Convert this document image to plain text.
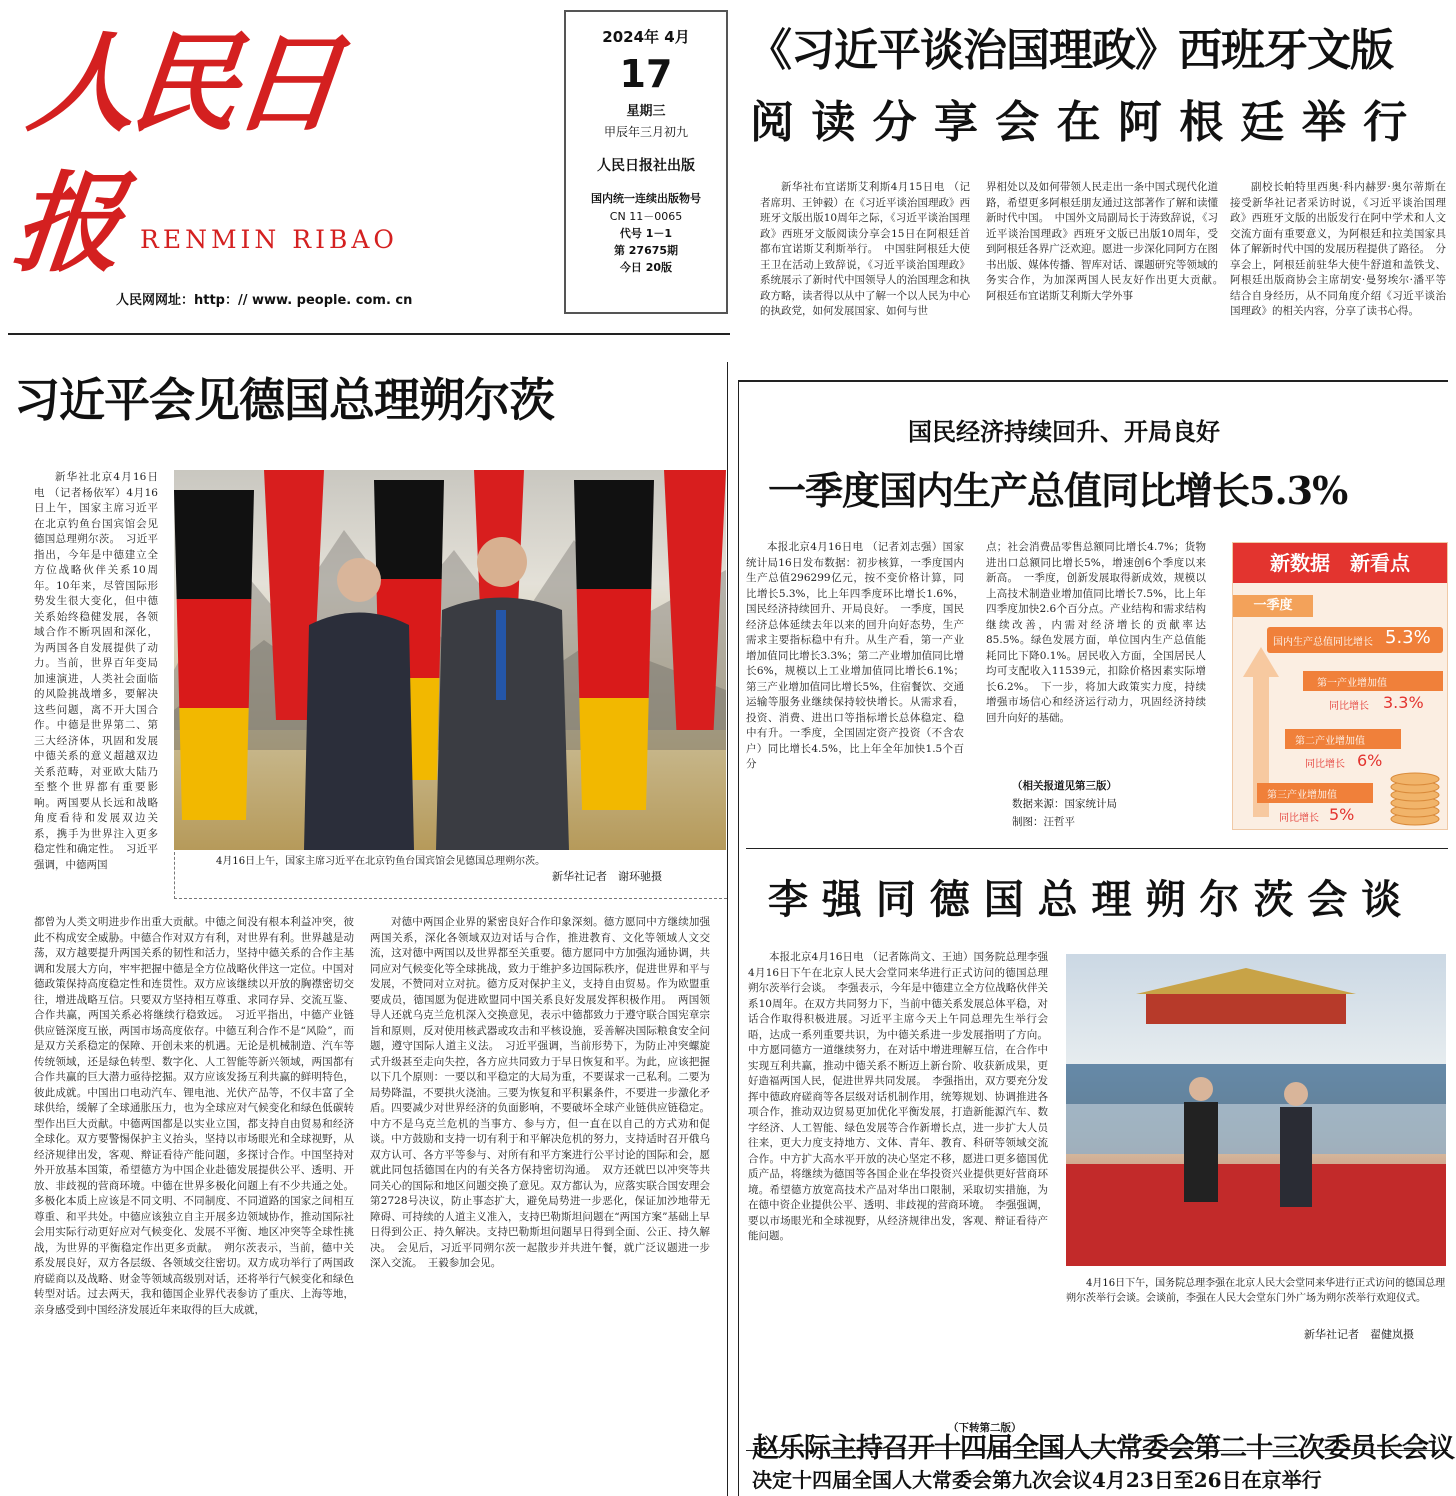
人民日报 RENMIN RIBAO
人民网网址：http：// www. people. com. cn
2024年 4月
17
星期三
甲辰年三月初九
人民日报社出版
国内统一连续出版物号
CN 11－0065
代号 1－1
第 27675期
今日 20版
《习近平谈治国理政》西班牙文版
阅 读 分 享 会 在 阿 根 廷 举 行
新华社布宜诺斯艾利斯4月15日电 （记者席玥、王钟毅）在《习近平谈治国理政》西班牙文版出版10周年之际，《习近平谈治国理政》西班牙文版阅读分享会15日在阿根廷首都布宜诺斯艾利斯举行。　中国驻阿根廷大使王卫在活动上致辞说，《习近平谈治国理政》系统展示了新时代中国领导人的治国理念和执政方略，读者得以从中了解一个以人民为中心的执政党，如何发展国家、如何与世
界相处以及如何带领人民走出一条中国式现代化道路，希望更多阿根廷朋友通过这部著作了解和读懂新时代中国。　中国外文局副局长于涛致辞说，《习近平谈治国理政》西班牙文版已出版10周年，受到阿根廷各界广泛欢迎。愿进一步深化同阿方在图书出版、媒体传播、智库对话、课题研究等领域的务实合作，为加深两国人民友好作出更大贡献。　阿根廷布宜诺斯艾利斯大学外事
副校长帕特里西奥·科内赫罗·奥尔蒂斯在接受新华社记者采访时说，《习近平谈治国理政》西班牙文版的出版发行在阿中学术和人文交流方面有重要意义，为阿根廷和拉美国家具体了解新时代中国的发展历程提供了路径。　分享会上，阿根廷前驻华大使牛舒道和盖铁戈、阿根廷出版商协会主席胡安·曼努埃尔·潘平等结合自身经历，从不同角度介绍《习近平谈治国理政》的相关内容，分享了读书心得。
习近平会见德国总理朔尔茨
新华社北京4月16日电 （记者杨依军）4月16日上午，国家主席习近平在北京钓鱼台国宾馆会见德国总理朔尔茨。　习近平指出，今年是中德建立全方位战略伙伴关系10周年。10年来，尽管国际形势发生很大变化，但中德关系始终稳健发展，各领域合作不断巩固和深化，为两国各自发展提供了动力。当前，世界百年变局加速演进，人类社会面临的风险挑战增多，要解决这些问题，离不开大国合作。中德是世界第二、第三大经济体，巩固和发展中德关系的意义超越双边关系范畴，对亚欧大陆乃至整个世界都有重要影响。两国要从长远和战略角度看待和发展双边关系，携手为世界注入更多稳定性和确定性。　习近平强调，中德两国	4月16日上午，国家主席习近平在北京钓鱼台国宾馆会见德国总理朔尔茨。
新华社记者　谢环驰摄
都曾为人类文明进步作出重大贡献。中德之间没有根本利益冲突，彼此不构成安全威胁。中德合作对双方有利，对世界有利。世界越是动荡，双方越要提升两国关系的韧性和活力，坚持中德关系的合作主基调和发展大方向，牢牢把握中德是全方位战略伙伴这一定位。中国对德政策保持高度稳定性和连贯性。双方应该继续以开放的胸襟密切交往，增进战略互信。只要双方坚持相互尊重、求同存异、交流互鉴、合作共赢，两国关系必将继续行稳致远。　习近平指出，中德产业链供应链深度互嵌，两国市场高度依存。中德互利合作不是“风险”，而是双方关系稳定的保障、开创未来的机遇。无论是机械制造、汽车等传统领域，还是绿色转型、数字化、人工智能等新兴领域，两国都有合作共赢的巨大潜力亟待挖掘。双方应该发扬互利共赢的鲜明特色，彼此成就。中国出口电动汽车、锂电池、光伏产品等，不仅丰富了全球供给，缓解了全球通胀压力，也为全球应对气候变化和绿色低碳转型作出巨大贡献。中德两国都是以实业立国，都支持自由贸易和经济全球化。双方要警惕保护主义抬头，坚持以市场眼光和全球视野，从经济规律出发，客观、辩证看待产能问题，多探讨合作。中国坚持对外开放基本国策，希望德方为中国企业赴德发展提供公平、透明、开放、非歧视的营商环境。中德在世界多极化问题上有不少共通之处。多极化本质上应该是不同文明、不同制度、不同道路的国家之间相互尊重、和平共处。中德应该独立自主开展多边领域协作，推动国际社会用实际行动更好应对气候变化、发展不平衡、地区冲突等全球性挑战，为世界的平衡稳定作出更多贡献。　朔尔茨表示，当前，德中关系发展良好，双方各层级、各领域交往密切。双方成功举行了两国政府磋商以及战略、财金等领域高级别对话，还将举行气候变化和绿色转型对话。过去两天，我和德国企业界代表参访了重庆、上海等地，亲身感受到中国经济发展近年来取得的巨大成就，
对德中两国企业界的紧密良好合作印象深刻。德方愿同中方继续加强两国关系，深化各领域双边对话与合作，推进教育、文化等领域人文交流，这对德中两国以及世界都至关重要。德方愿同中方加强沟通协调，共同应对气候变化等全球挑战，致力于维护多边国际秩序，促进世界和平与发展，不赞同对立对抗。德方反对保护主义，支持自由贸易。作为欧盟重要成员，德国愿为促进欧盟同中国关系良好发展发挥积极作用。　两国领导人还就乌克兰危机深入交换意见，表示中德都致力于遵守联合国宪章宗旨和原则，反对使用核武器或攻击和平核设施，妥善解决国际粮食安全问题，遵守国际人道主义法。　习近平强调，当前形势下，为防止冲突螺旋式升级甚至走向失控，各方应共同致力于早日恢复和平。为此，应该把握以下几个原则：一要以和平稳定的大局为重，不要谋求一己私利。二要为局势降温，不要拱火浇油。三要为恢复和平积累条件，不要进一步激化矛盾。四要减少对世界经济的负面影响，不要破坏全球产业链供应链稳定。中方不是乌克兰危机的当事方、参与方，但一直在以自己的方式劝和促谈。中方鼓励和支持一切有利于和平解决危机的努力，支持适时召开俄乌双方认可、各方平等参与、对所有和平方案进行公平讨论的国际和会，愿就此同包括德国在内的有关各方保持密切沟通。　双方还就巴以冲突等共同关心的国际和地区问题交换了意见。双方都认为，应落实联合国安理会第2728号决议，防止事态扩大，避免局势进一步恶化，保证加沙地带无障碍、可持续的人道主义准入，支持巴勒斯坦问题在“两国方案”基础上早日得到公正、持久解决。支持巴勒斯坦问题早日得到全面、公正、持久解决。　会见后，习近平同朔尔茨一起散步并共进午餐，就广泛议题进一步深入交流。　王毅参加会见。
国民经济持续回升、开局良好
一季度国内生产总值同比增长5.3%
本报北京4月16日电 （记者刘志强）国家统计局16日发布数据：初步核算，一季度国内生产总值296299亿元，按不变价格计算，同比增长5.3%，比上年四季度环比增长1.6%，国民经济持续回升、开局良好。　一季度，国民经济总体延续去年以来的回升向好态势，生产需求主要指标稳中有升。从生产看，第一产业增加值同比增长3.3%；第二产业增加值同比增长6%，规模以上工业增加值同比增长6.1%；第三产业增加值同比增长5%，住宿餐饮、交通运输等服务业继续保持较快增长。从需求看，投资、消费、进出口等指标增长总体稳定、稳中有升。一季度，全国固定资产投资（不含农户）同比增长4.5%，比上年全年加快1.5个百分
点；社会消费品零售总额同比增长4.7%；货物进出口总额同比增长5%，增速创6个季度以来新高。　一季度，创新发展取得新成效，规模以上高技术制造业增加值同比增长7.5%，比上年四季度加快2.6个百分点。产业结构和需求结构继续改善，内需对经济增长的贡献率达85.5%。绿色发展方面，单位国内生产总值能耗同比下降0.1%。居民收入方面，全国居民人均可支配收入11539元，扣除价格因素实际增长6.2%。　下一步，将加大政策实力度，持续增强市场信心和经济运行动力，巩固经济持续回升向好的基础。
（相关报道见第三版）
数据来源：国家统计局
制图：汪哲平
新数据　新看点
一季度
国内生产总值同比增长 5.3%
第一产业增加值
同比增长 3.3%
第二产业增加值
同比增长 6%
第三产业增加值
同比增长 5%
李 强 同 德 国 总 理 朔 尔 茨 会 谈
本报北京4月16日电 （记者陈尚文、王迪）国务院总理李强4月16日下午在北京人民大会堂同来华进行正式访问的德国总理朔尔茨举行会谈。　李强表示，今年是中德建立全方位战略伙伴关系10周年。在双方共同努力下，当前中德关系发展总体平稳，对话合作取得积极进展。习近平主席今天上午同总理先生举行会晤，达成一系列重要共识，为中德关系进一步发展指明了方向。中方愿同德方一道继续努力，在对话中增进理解互信，在合作中实现互利共赢，推动中德关系不断迈上新台阶、收获新成果，更好造福两国人民，促进世界共同发展。　李强指出，双方要充分发挥中德政府磋商等各层级对话机制作用，统筹规划、协调推进各项合作，推动双边贸易更加优化平衡发展，打造新能源汽车、数字经济、人工智能、绿色发展等合作新增长点，进一步扩大人员往来，更大力度支持地方、文体、青年、教育、科研等领域交流合作。中方扩大高水平开放的决心坚定不移，愿进口更多德国优质产品，将继续为德国等各国企业在华投资兴业提供更好营商环境。希望德方放宽高技术产品对华出口限制，采取切实措施，为在德中资企业提供公平、透明、非歧视的营商环境。　李强强调，要以市场眼光和全球视野，从经济规律出发，客观、辩证看待产能问题。
（下转第二版）
4月16日下午，国务院总理李强在北京人民大会堂同来华进行正式访问的德国总理朔尔茨举行会谈。会谈前，李强在人民大会堂东门外广场为朔尔茨举行欢迎仪式。
新华社记者　翟健岚摄
赵乐际主持召开十四届全国人大常委会第二十三次委员长会议
决定十四届全国人大常委会第九次会议4月23日至26日在京举行
